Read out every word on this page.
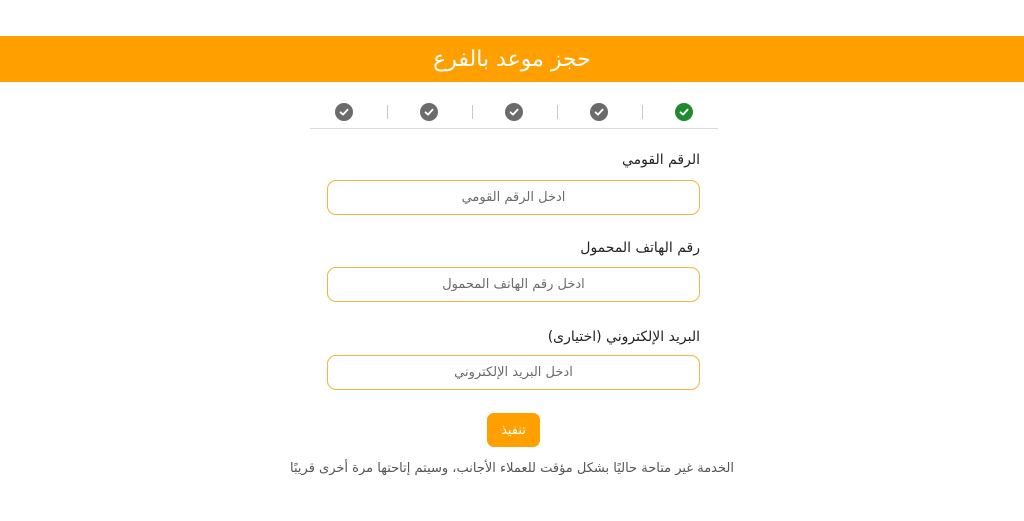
حجز موعد بالفرع
الرقم القومي
ادخل الرقم القومي
رقم الهاتف المحمول
ادخل رقم الهاتف المحمول
البريد الإلكتروني (اختيارى)
ادخل البريد الإلكتروني
تنفيذ
الخدمة غير متاحة حاليًا بشكل مؤقت للعملاء الأجانب، وسيتم إتاحتها مرة أخرى قريبًا
